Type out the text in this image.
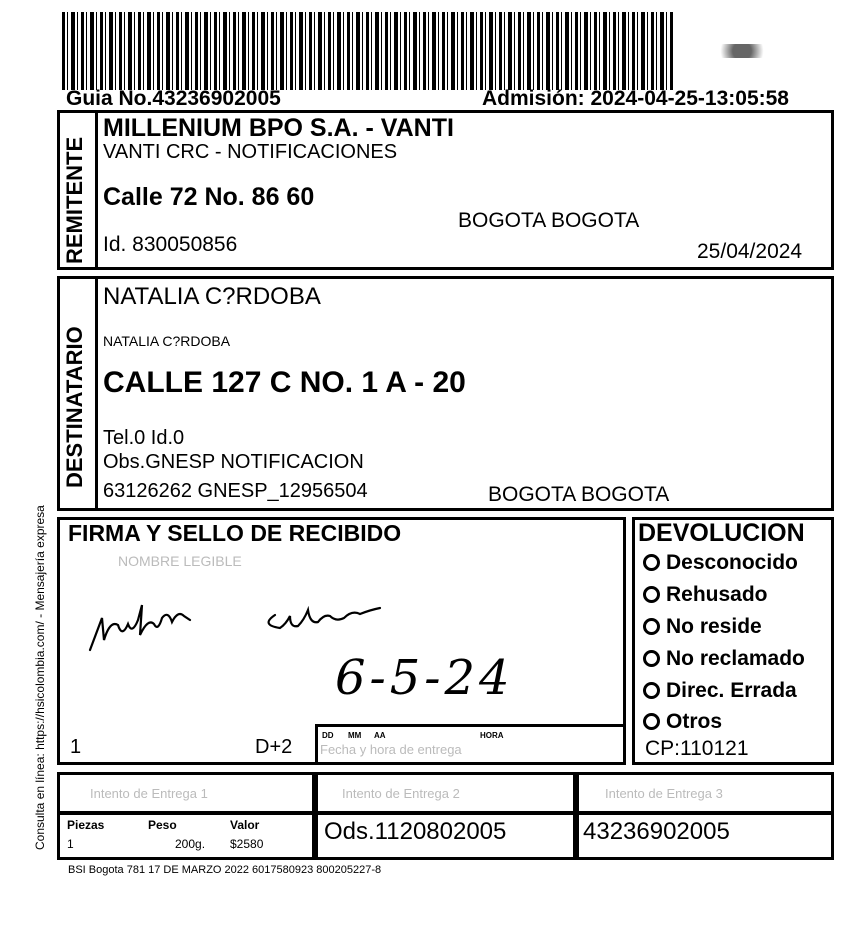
Guia No.43236902005	Admisión: 2024-04-25-13:05:58
Consulta en línea: https://hsicolombia.com/ - Mensajería expresa
REMITENTE
MILLENIUM BPO S.A. - VANTI
VANTI CRC - NOTIFICACIONES
Calle 72 No. 86 60
BOGOTA BOGOTA
Id. 830050856	25/04/2024
DESTINATARIO
NATALIA C?RDOBA
NATALIA C?RDOBA
CALLE 127 C NO. 1 A - 20
Tel.0 Id.0
Obs.GNESP NOTIFICACION
63126262 GNESP_12956504	BOGOTA BOGOTA
FIRMA Y SELLO DE RECIBIDO
NOMBRE LEGIBLE
6-5-24
1	D+2
DD MM AA	HORA
Fecha y hora de entrega
DEVOLUCION
Desconocido
Rehusado
No reside
No reclamado
Direc. Errada
Otros
CP:110121
Intento de Entrega 1	Intento de Entrega 2	Intento de Entrega 3
Piezas	Peso	Valor
1	200g. $2580	Ods.1120802005	43236902005
BSI Bogota 781 17 DE MARZO 2022 6017580923 800205227-8
